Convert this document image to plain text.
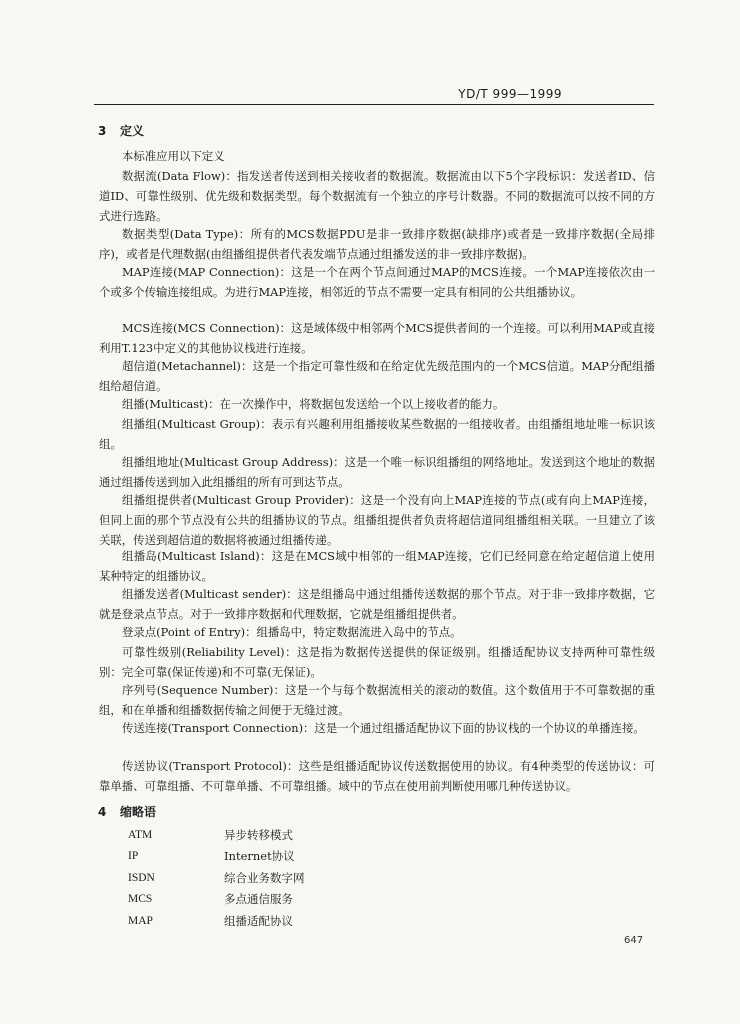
YD/T 999—1999
3 定义

本标准应用以下定义

数据流(Data Flow)：指发送者传送到相关接收者的数据流。数据流由以下5个字段标识：发送者ID、信道ID、可靠性级别、优先级和数据类型。每个数据流有一个独立的序号计数器。不同的数据流可以按不同的方式进行选路。

数据类型(Data Type)：所有的MCS数据PDU是非一致排序数据(缺排序)或者是一致排序数据(全局排序)，或者是代理数据(由组播组提供者代表发端节点通过组播发送的非一致排序数据)。

MAP连接(MAP Connection)：这是一个在两个节点间通过MAP的MCS连接。一个MAP连接依次由一个或多个传输连接组成。为进行MAP连接，相邻近的节点不需要一定具有相同的公共组播协议。

MCS连接(MCS Connection)：这是域体级中相邻两个MCS提供者间的一个连接。可以利用MAP或直接利用T.123中定义的其他协议栈进行连接。

超信道(Metachannel)：这是一个指定可靠性级和在给定优先级范围内的一个MCS信道。MAP分配组播组给超信道。

组播(Multicast)：在一次操作中，将数据包发送给一个以上接收者的能力。

组播组(Multicast Group)：表示有兴趣利用组播接收某些数据的一组接收者。由组播组地址唯一标识该组。

组播组地址(Multicast Group Address)：这是一个唯一标识组播组的网络地址。发送到这个地址的数据通过组播传送到加入此组播组的所有可到达节点。

组播组提供者(Multicast Group Provider)：这是一个没有向上MAP连接的节点(或有向上MAP连接，但同上面的那个节点没有公共的组播协议的节点。组播组提供者负责将超信道同组播组相关联。一旦建立了该关联，传送到超信道的数据将被通过组播传递。

组播岛(Multicast Island)：这是在MCS域中相邻的一组MAP连接，它们已经同意在给定超信道上使用某种特定的组播协议。

组播发送者(Multicast sender)：这是组播岛中通过组播传送数据的那个节点。对于非一致排序数据，它就是登录点节点。对于一致排序数据和代理数据，它就是组播组提供者。

登录点(Point of Entry)：组播岛中，特定数据流进入岛中的节点。

可靠性级别(Reliability Level)：这是指为数据传送提供的保证级别。组播适配协议支持两种可靠性级别：完全可靠(保证传递)和不可靠(无保证)。

序列号(Sequence Number)：这是一个与每个数据流相关的滚动的数值。这个数值用于不可靠数据的重组，和在单播和组播数据传输之间便于无缝过渡。

传送连接(Transport Connection)：这是一个通过组播适配协议下面的协议栈的一个协议的单播连接。

传送协议(Transport Protocol)：这些是组播适配协议传送数据使用的协议。有4种类型的传送协议：可靠单播、可靠组播、不可靠单播、不可靠组播。域中的节点在使用前判断使用哪几种传送协议。

4 缩略语
ATM	异步转移模式
IP	Internet协议
ISDN	综合业务数字网
MCS	多点通信服务
MAP	组播适配协议
647
